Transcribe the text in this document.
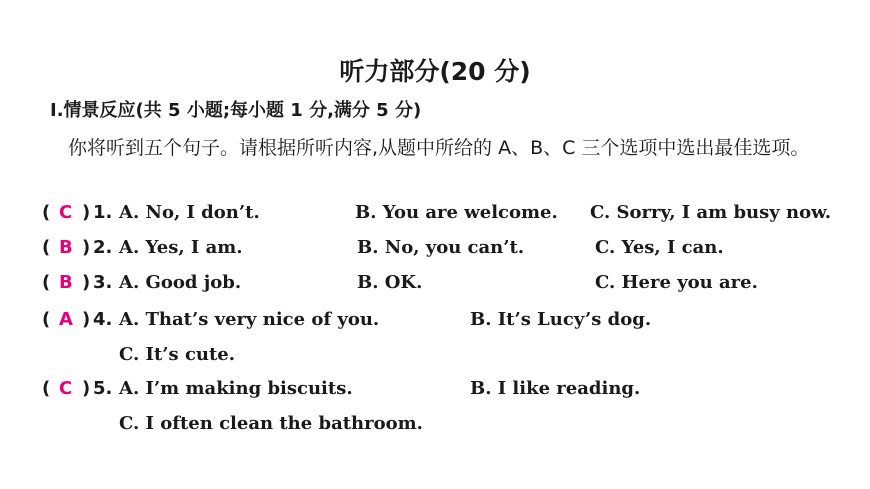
听力部分(20 分)
Ⅰ.情景反应(共 5 小题;每小题 1 分,满分 5 分)
你将听到五个句子。请根据所听内容,从题中所给的 A、B、C 三个选项中选出最佳选项。
( C ) 1. A. No, I don’t.	B. You are welcome. C. Sorry, I am busy now.
( B ) 2. A. Yes, I am.	B. No, you can’t.	C. Yes, I can.
( B ) 3. A. Good job.	B. OK.	C. Here you are.
( A ) 4. A. That’s very nice of you.	B. It’s Lucy’s dog.
C. It’s cute.
( C ) 5. A. I’m making biscuits.	B. I like reading.
C. I often clean the bathroom.
